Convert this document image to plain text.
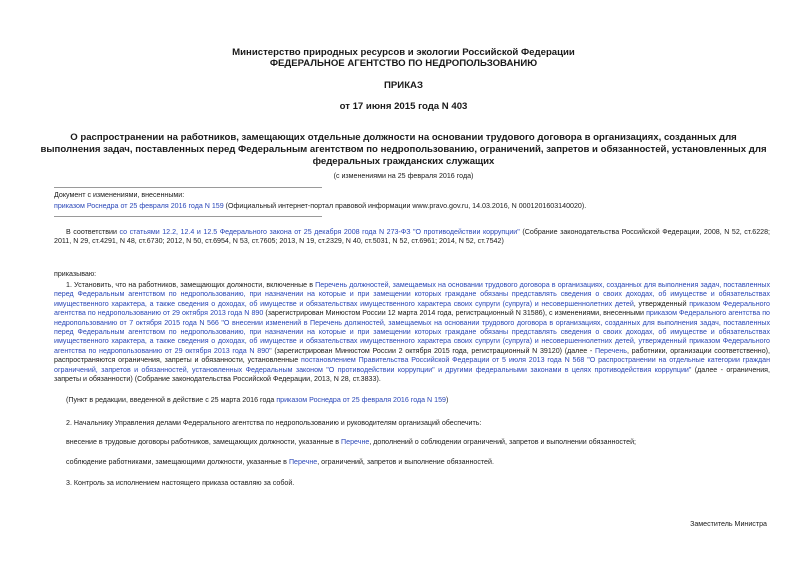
Министерство природных ресурсов и экологии Российской Федерации
ФЕДЕРАЛЬНОЕ АГЕНТСТВО ПО НЕДРОПОЛЬЗОВАНИЮ
ПРИКАЗ
от 17 июня 2015 года N 403
О распространении на работников, замещающих отдельные должности на основании трудового договора в организациях, созданных для выполнения задач, поставленных перед Федеральным агентством по недропользованию, ограничений, запретов и обязанностей, установленных для федеральных гражданских служащих
(с изменениями на 25 февраля 2016 года)
Документ с изменениями, внесенными:
приказом Роснедра от 25 февраля 2016 года N 159 (Официальный интернет-портал правовой информации www.pravo.gov.ru, 14.03.2016, N 0001201603140020).
В соответствии со статьями 12.2, 12.4 и 12.5 Федерального закона от 25 декабря 2008 года N 273-ФЗ "О противодействии коррупции" (Собрание законодательства Российской Федерации, 2008, N 52, ст.6228; 2011, N 29, ст.4291, N 48, ст.6730; 2012, N 50, ст.6954, N 53, ст.7605; 2013, N 19, ст.2329, N 40, ст.5031, N 52, ст.6961; 2014, N 52, ст.7542)
приказываю:
1. Установить, что на работников, замещающих должности, включенные в Перечень должностей, замещаемых на основании трудового договора в организациях, созданных для выполнения задач, поставленных перед Федеральным агентством по недропользованию, при назначении на которые и при замещении которых граждане обязаны представлять сведения о своих доходах, об имуществе и обязательствах имущественного характера, а также сведения о доходах, об имуществе и обязательствах имущественного характера своих супруги (супруга) и несовершеннолетних детей, утвержденный приказом Федерального агентства по недропользованию от 29 октября 2013 года N 890 (зарегистрирован Минюстом России 12 марта 2014 года, регистрационный N 31586), с изменениями, внесенными приказом Федерального агентства по недропользованию от 7 октября 2015 года N 566 "О внесении изменений в Перечень должностей, замещаемых на основании трудового договора в организациях, созданных для выполнения задач, поставленных перед Федеральным агентством по недропользованию, при назначении на которые и при замещении которых граждане обязаны представлять сведения о своих доходах, об имуществе и обязательствах имущественного характера, а также сведения о доходах, об имуществе и обязательствах имущественного характера своих супруги (супруга) и несовершеннолетних детей, утвержденный приказом Федерального агентства по недропользованию от 29 октября 2013 года N 890" (зарегистрирован Минюстом России 2 октября 2015 года, регистрационный N 39120) (далее - Перечень, работники, организации соответственно), распространяются ограничения, запреты и обязанности, установленные постановлением Правительства Российской Федерации от 5 июля 2013 года N 568 "О распространении на отдельные категории граждан ограничений, запретов и обязанностей, установленных Федеральным законом "О противодействии коррупции" и другими федеральными законами в целях противодействия коррупции" (далее - ограничения, запреты и обязанности) (Собрание законодательства Российской Федерации, 2013, N 28, ст.3833).
(Пункт в редакции, введенной в действие с 25 марта 2016 года приказом Роснедра от 25 февраля 2016 года N 159)
2. Начальнику Управления делами Федерального агентства по недропользованию и руководителям организаций обеспечить:
внесение в трудовые договоры работников, замещающих должности, указанные в Перечне, дополнений о соблюдении ограничений, запретов и выполнении обязанностей;
соблюдение работниками, замещающими должности, указанные в Перечне, ограничений, запретов и выполнение обязанностей.
3. Контроль за исполнением настоящего приказа оставляю за собой.
Заместитель Министра
